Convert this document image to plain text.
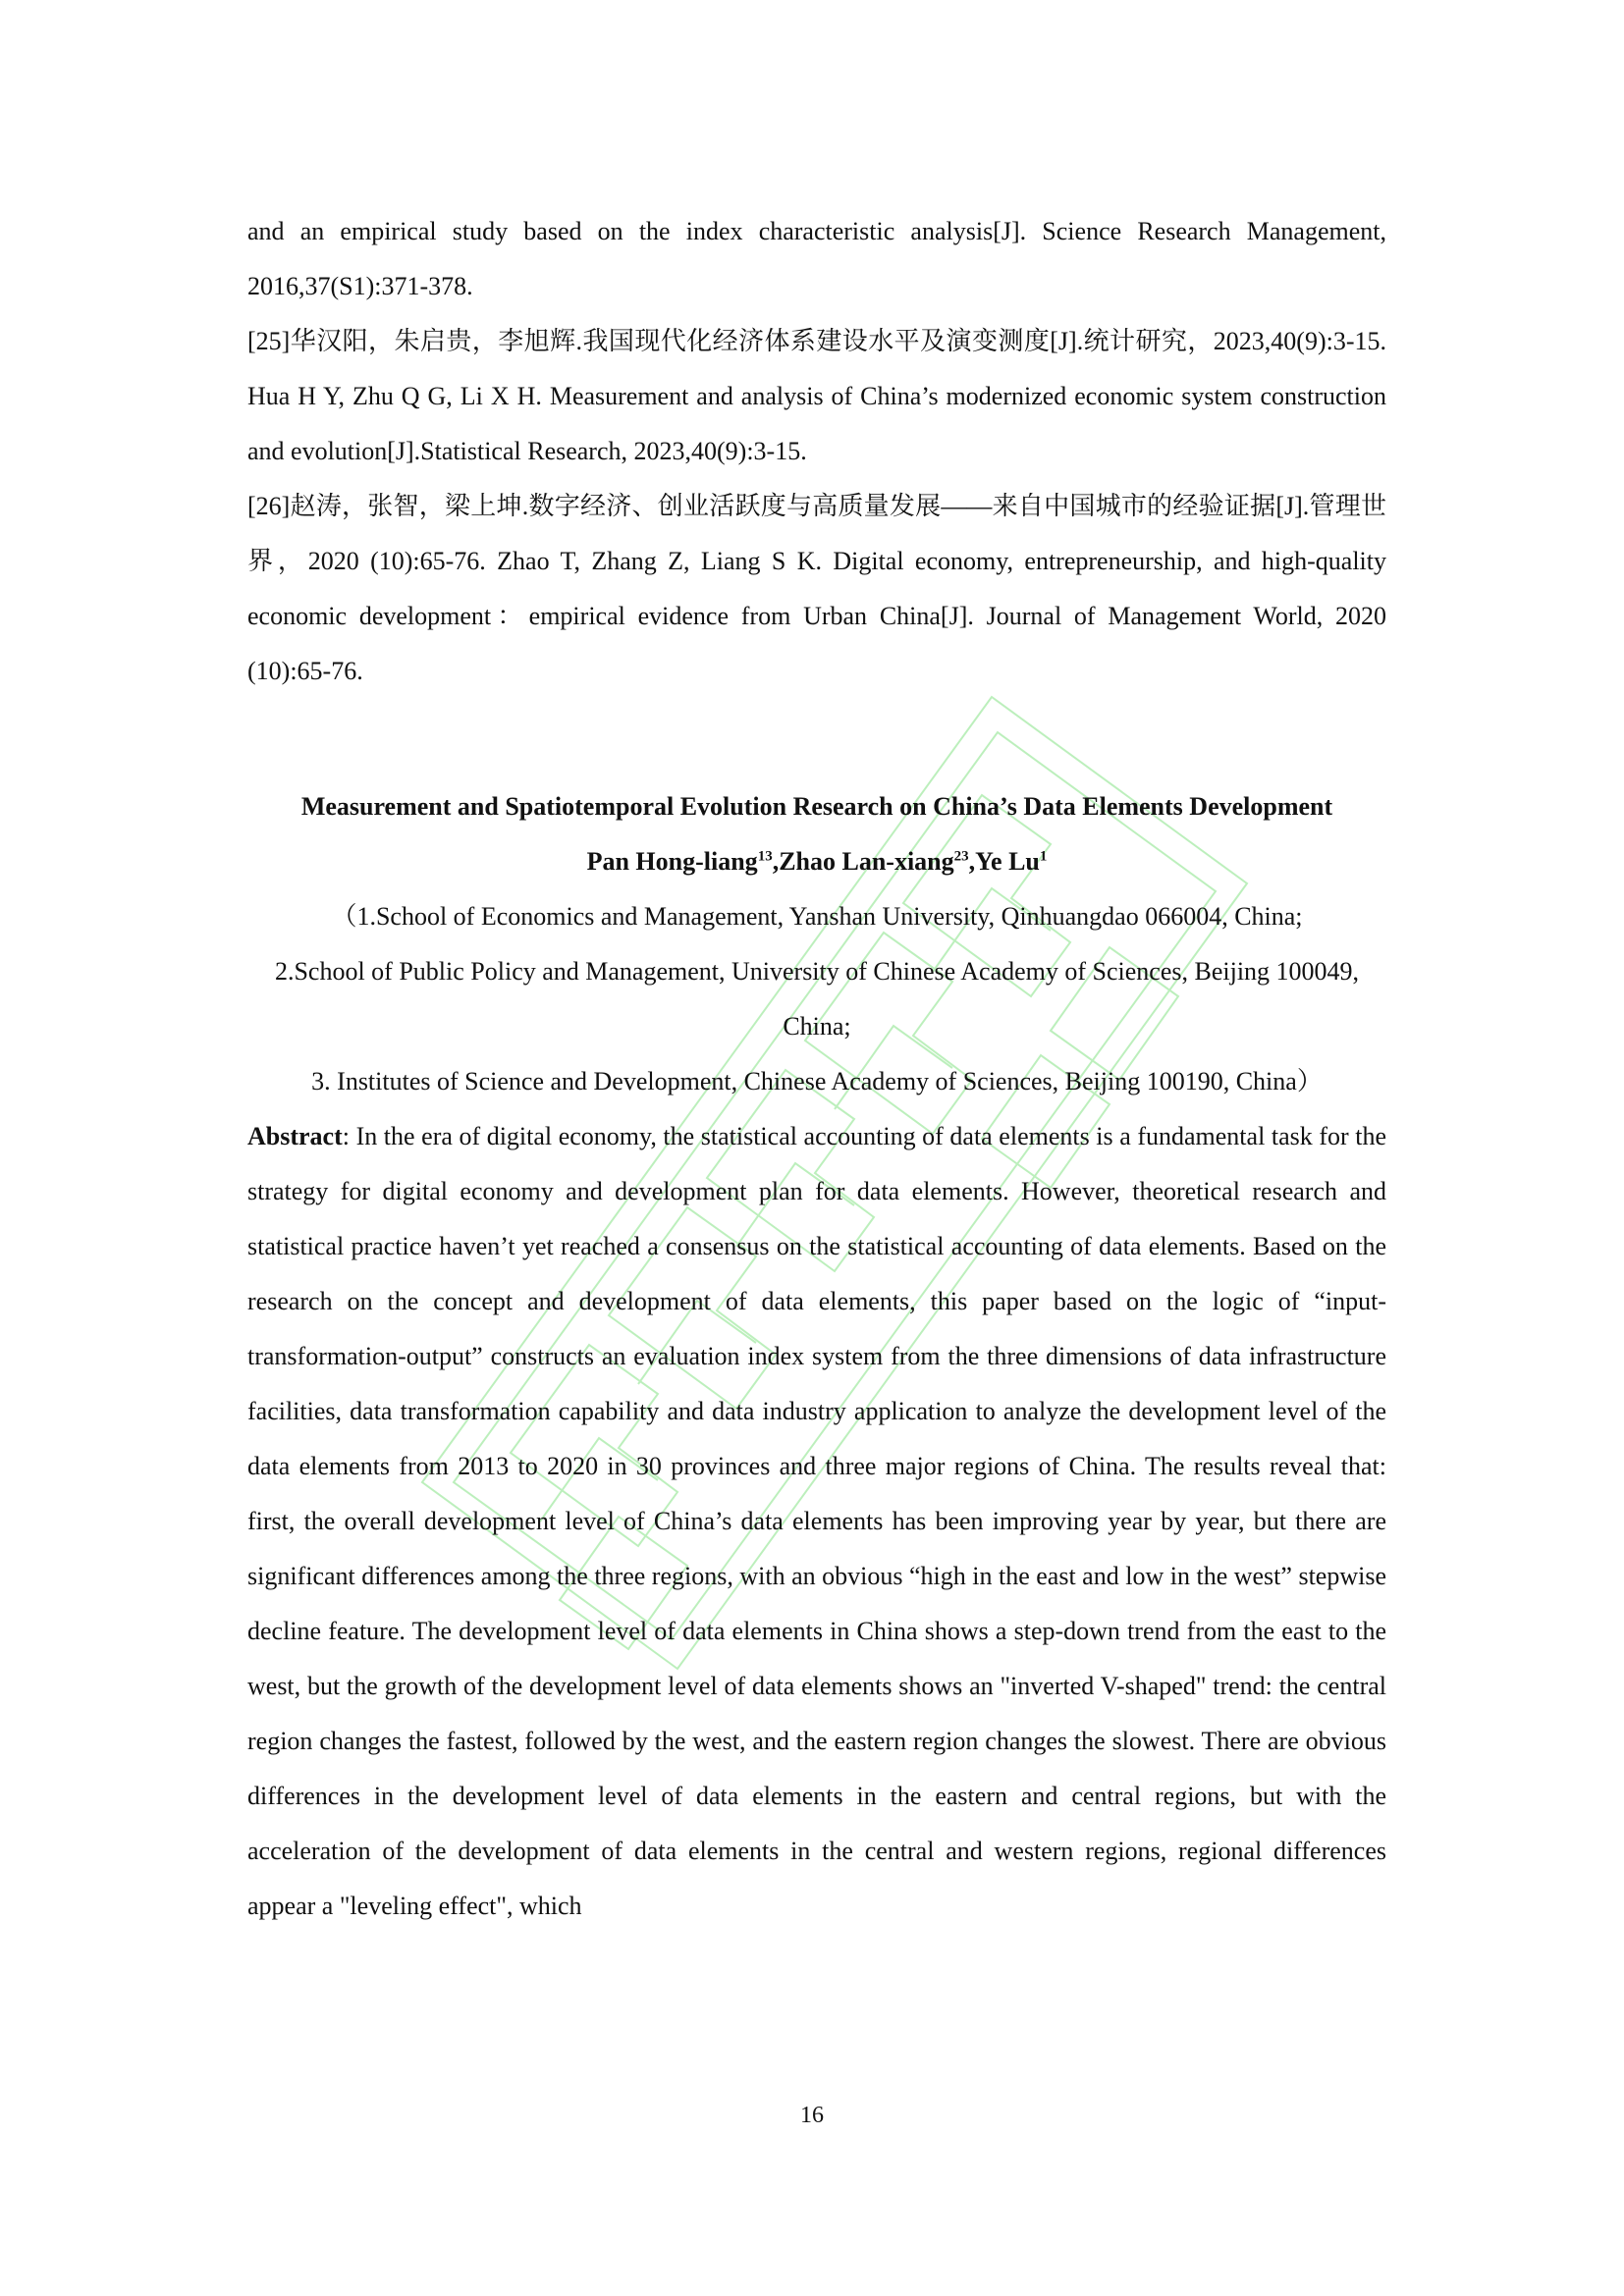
and an empirical study based on the index characteristic analysis[J]. Science Research Management, 2016,37(S1):371-378.

[25]华汉阳，朱启贵，李旭辉.我国现代化经济体系建设水平及演变测度[J].统计研究，2023,40(9):3-15. Hua H Y, Zhu Q G, Li X H. Measurement and analysis of China’s modernized economic system construction and evolution[J].Statistical Research, 2023,40(9):3-15.

[26]赵涛，张智，梁上坤.数字经济、创业活跃度与高质量发展——来自中国城市的经验证据[J].管理世界，2020 (10):65-76. Zhao T, Zhang Z, Liang S K. Digital economy, entrepreneurship, and high-quality economic development：empirical evidence from Urban China[J]. Journal of Management World, 2020 (10):65-76.

Measurement and Spatiotemporal Evolution Research on China’s Data Elements Development

Pan Hong-liang$^{13}$,Zhao Lan-xiang$^{23}$,Ye Lu$^1$

（1.School of Economics and Management, Yanshan University, Qinhuangdao 066004, China;
2.School of Public Policy and Management, University of Chinese Academy of Sciences, Beijing 100049, China;
3. Institutes of Science and Development, Chinese Academy of Sciences, Beijing 100190, China）

Abstract: In the era of digital economy, the statistical accounting of data elements is a fundamental task for the strategy for digital economy and development plan for data elements. However, theoretical research and statistical practice haven’t yet reached a consensus on the statistical accounting of data elements. Based on the research on the concept and development of data elements, this paper based on the logic of “input-transformation-output” constructs an evaluation index system from the three dimensions of data infrastructure facilities, data transformation capability and data industry application to analyze the development level of the data elements from 2013 to 2020 in 30 provinces and three major regions of China. The results reveal that: first, the overall development level of China’s data elements has been improving year by year, but there are significant differences among the three regions, with an obvious “high in the east and low in the west” stepwise decline feature. The development level of data elements in China shows a step-down trend from the east to the west, but the growth of the development level of data elements shows an "inverted V-shaped" trend: the central region changes the fastest, followed by the west, and the eastern region changes the slowest. There are obvious differences in the development level of data elements in the eastern and central regions, but with the acceleration of the development of data elements in the central and western regions, regional differences appear a "leveling effect", which

16
